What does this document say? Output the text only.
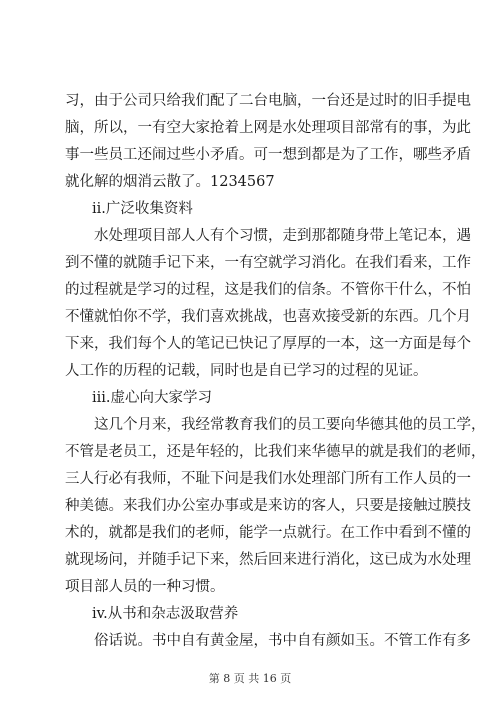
习 ， 由 于 公 司 只 给 我 们 配 了 二 台 电 脑 ， 一 台 还 是 过 时 的 旧 手 提 电
脑 ， 所 以 ， 一 有 空 大 家 抢 着 上 网 是 水 处 理 项 目 部 常 有 的 事 ， 为 此
事 一 些 员 工 还 闹 过 些 小 矛 盾 。 可 一 想 到 都 是 为 了 工 作 ， 哪 些 矛 盾
就化解的烟消云散了。1234567
ii.广泛收集资料
水 处 理 项 目 部 人 人 有 个 习 惯 ， 走 到 那 都 随 身 带 上 笔 记 本 ， 遇
到 不 懂 的 就 随 手 记 下 来 ， 一 有 空 就 学 习 消 化 。 在 我 们 看 来 ， 工 作
的 过 程 就 是 学 习 的 过 程 ， 这 是 我 们 的 信 条 。 不 管 你 干 什 么 ， 不 怕
不 懂 就 怕 你 不 学 ， 我 们 喜 欢 挑 战 ， 也 喜 欢 接 受 新 的 东 西 。 几 个 月
下 来 ， 我 们 每 个 人 的 笔 记 已 快 记 了 厚 厚 的 一 本 ， 这 一 方 面 是 每 个
人工作的历程的记载，同时也是自已学习的过程的见证。
iii.虚心向大家学习
这 几 个 月 来 ， 我 经 常 教 育 我 们 的 员 工 要 向 华 德 其 他 的 员 工 学 ，
不 管 是 老 员 工 ， 还 是 年 轻 的 ， 比 我 们 来 华 德 早 的 就 是 我 们 的 老 师 ，
三 人 行 必 有 我 师 ， 不 耻 下 问 是 我 们 水 处 理 部 门 所 有 工 作 人 员 的 一
种 美 德 。 来 我 们 办 公 室 办 事 或 是 来 访 的 客 人 ， 只 要 是 接 触 过 膜 技
术 的 ， 就 都 是 我 们 的 老 师 ， 能 学 一 点 就 行 。 在 工 作 中 看 到 不 懂 的
就 现 场 问 ， 并 随 手 记 下 来 ， 然 后 回 来 进 行 消 化 ， 这 已 成 为 水 处 理
项目部人员的一种习惯。
iv.从书和杂志汲取营养
俗 话 说 。 书 中 自 有 黄 金 屋 ， 书 中 自 有 颜 如 玉 。 不 管 工 作 有 多
第 8 页 共 16 页
